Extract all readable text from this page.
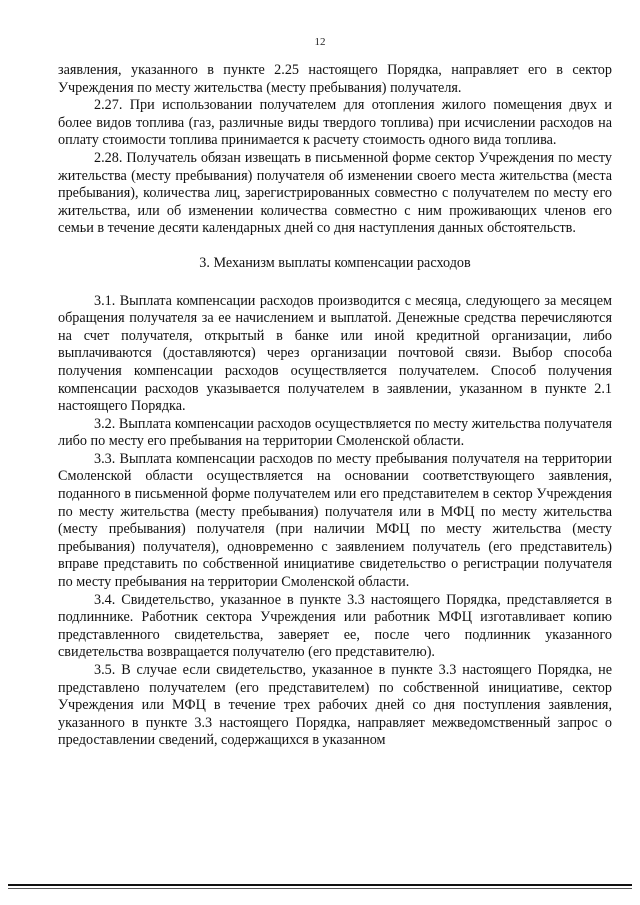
12

заявления, указанного в пункте 2.25 настоящего Порядка, направляет его в сектор Учреждения по месту жительства (месту пребывания) получателя.

2.27. При использовании получателем для отопления жилого помещения двух и более видов топлива (газ, различные виды твердого топлива) при исчислении расходов на оплату стоимости топлива принимается к расчету стоимость одного вида топлива.

2.28. Получатель обязан извещать в письменной форме сектор Учреждения по месту жительства (месту пребывания) получателя об изменении своего места жительства (места пребывания), количества лиц, зарегистрированных совместно с получателем по месту его жительства, или об изменении количества совместно с ним проживающих членов его семьи в течение десяти календарных дней со дня наступления данных обстоятельств.

3. Механизм выплаты компенсации расходов

3.1. Выплата компенсации расходов производится с месяца, следующего за месяцем обращения получателя за ее начислением и выплатой. Денежные средства перечисляются на счет получателя, открытый в банке или иной кредитной организации, либо выплачиваются (доставляются) через организации почтовой связи. Выбор способа получения компенсации расходов осуществляется получателем. Способ получения компенсации расходов указывается получателем в заявлении, указанном в пункте 2.1 настоящего Порядка.

3.2. Выплата компенсации расходов осуществляется по месту жительства получателя либо по месту его пребывания на территории Смоленской области.

3.3. Выплата компенсации расходов по месту пребывания получателя на территории Смоленской области осуществляется на основании соответствующего заявления, поданного в письменной форме получателем или его представителем в сектор Учреждения по месту жительства (месту пребывания) получателя или в МФЦ по месту жительства (месту пребывания) получателя (при наличии МФЦ по месту жительства (месту пребывания) получателя), одновременно с заявлением получатель (его представитель) вправе представить по собственной инициативе свидетельство о регистрации получателя по месту пребывания на территории Смоленской области.

3.4. Свидетельство, указанное в пункте 3.3 настоящего Порядка, представляется в подлиннике. Работник сектора Учреждения или работник МФЦ изготавливает копию представленного свидетельства, заверяет ее, после чего подлинник указанного свидетельства возвращается получателю (его представителю).

3.5. В случае если свидетельство, указанное в пункте 3.3 настоящего Порядка, не представлено получателем (его представителем) по собственной инициативе, сектор Учреждения или МФЦ в течение трех рабочих дней со дня поступления заявления, указанного в пункте 3.3 настоящего Порядка, направляет межведомственный запрос о предоставлении сведений, содержащихся в указанном
